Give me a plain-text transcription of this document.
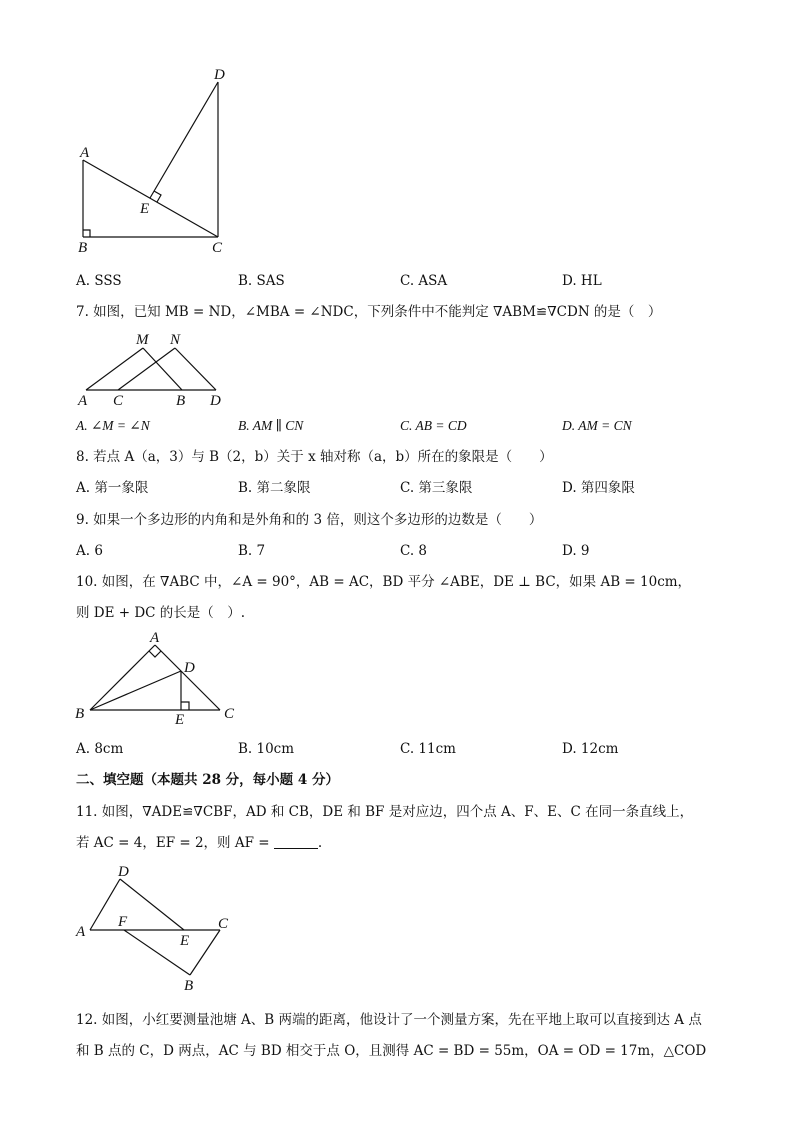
A
B	C
D
E
A. SSS	B. SAS	C. ASA	D. HL
7. 如图，已知 MB = ND，∠MBA = ∠NDC，下列条件中不能判定 ∇ABM≌∇CDN 的是（　）
M N
A C	B D
A. ∠M = ∠N	B. AM ∥ CN	C. AB = CD	D. AM = CN
8. 若点 A（a，3）与 B（2，b）关于 x 轴对称（a，b）所在的象限是（　　）
A. 第一象限	B. 第二象限	C. 第三象限	D. 第四象限
9. 如果一个多边形的内角和是外角和的 3 倍，则这个多边形的边数是（　　）
A. 6	B. 7	C. 8	D. 9
10. 如图，在 ∇ABC 中，∠A = 90°，AB = AC，BD 平分 ∠ABE，DE ⊥ BC，如果 AB = 10cm，
则 DE + DC 的长是（　）.
A
D
B	E	C
A. 8cm	B. 10cm	C. 11cm	D. 12cm
二、填空题（本题共 28 分，每小题 4 分）
11. 如图，∇ADE≌∇CBF，AD 和 CB，DE 和 BF 是对应边，四个点 A、F、E、C 在同一条直线上，
若 AC = 4，EF = 2，则 AF =	.
D
A
F
E
C
B
12. 如图，小红要测量池塘 A、B 两端的距离，他设计了一个测量方案，先在平地上取可以直接到达 A 点
和 B 点的 C，D 两点，AC 与 BD 相交于点 O，且测得 AC = BD = 55m，OA = OD = 17m，△COD
